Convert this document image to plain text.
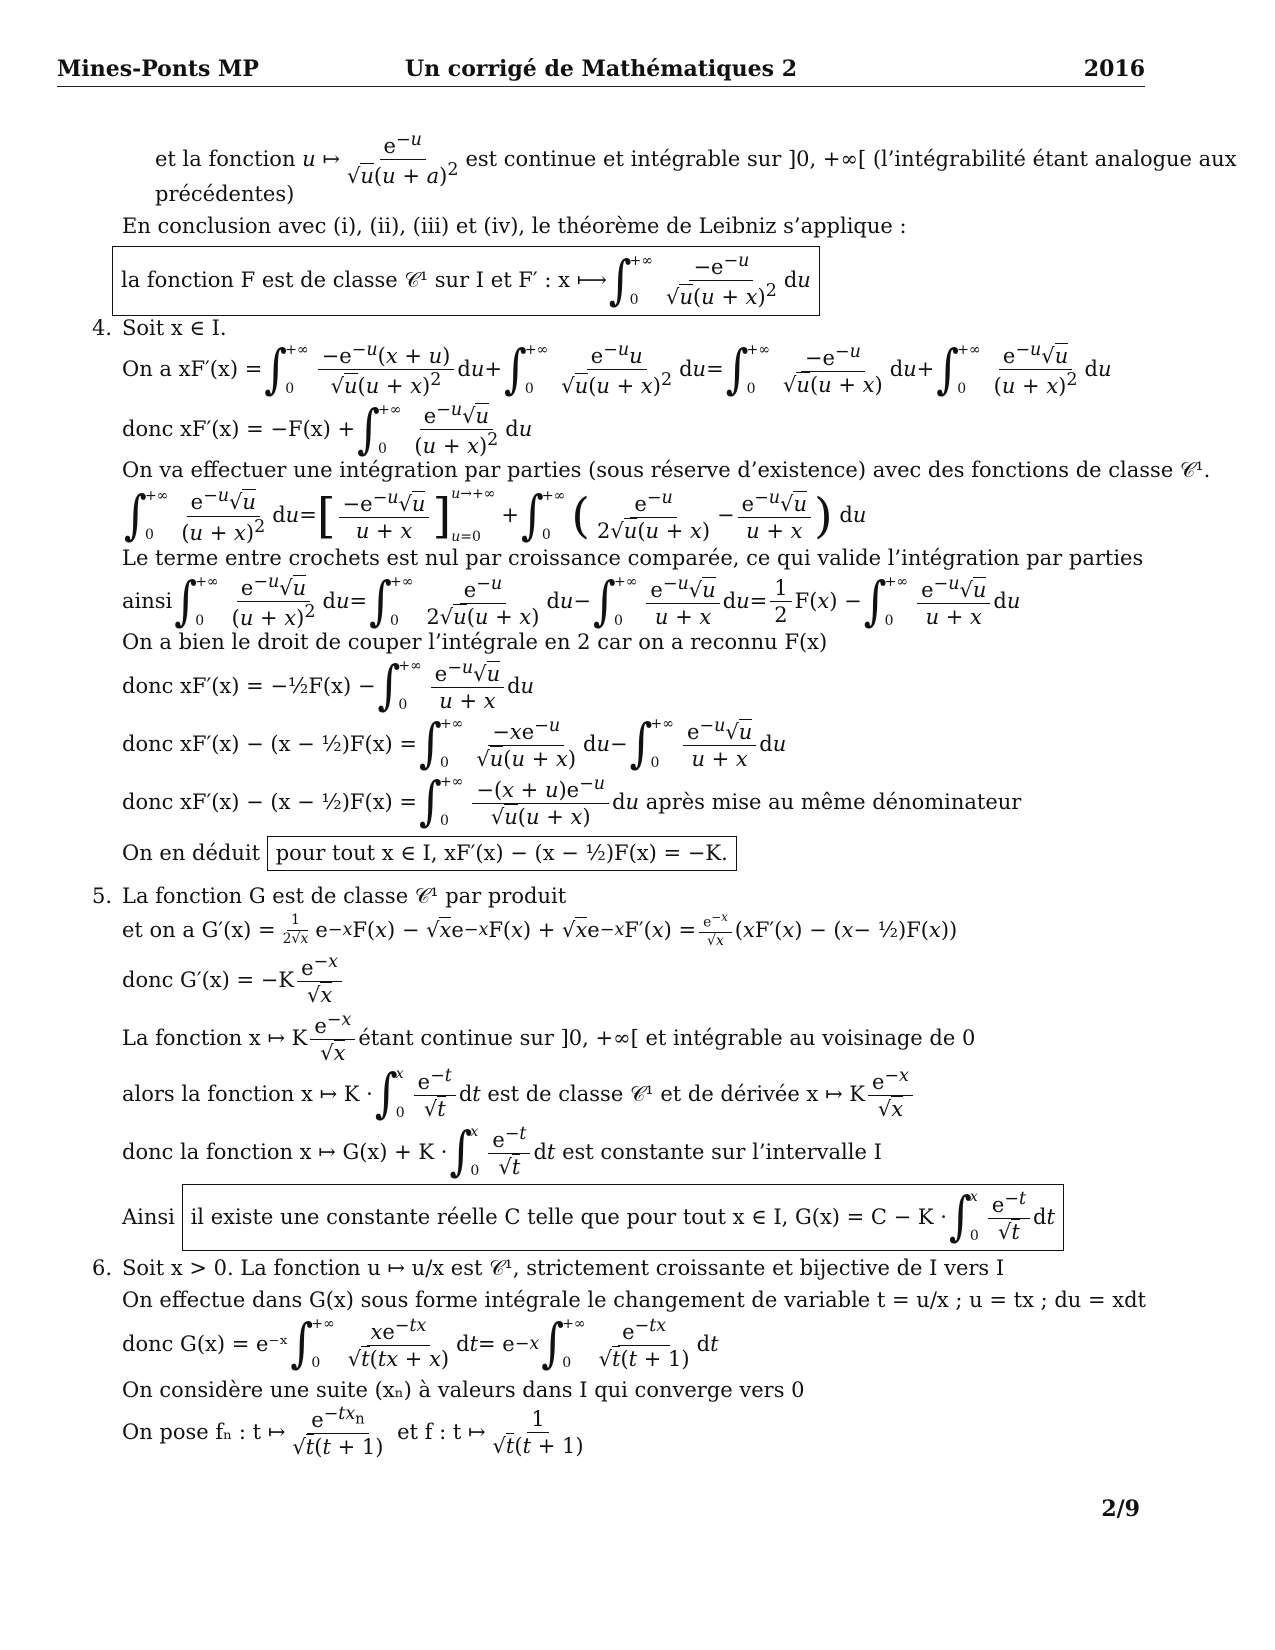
Mines-Ponts MP	Un corrigé de Mathématiques 2	2016
et la fonction
u ↦
$e^{-u}$
$√u(u + a)^2$ est continue et intégrable sur ]0, +∞[ (l’intégrabilité étant analogue aux
précédentes)
En conclusion avec (i), (ii), (iii) et (iv), le théorème de Leibniz s’applique :
la fonction F est de classe 𝒞¹ sur I et F′ : x ⟼ ∫
+∞
0
$-e^{-u}$
$√u(u + x)^2$ d u
4. Soit x ∈ I.
On a xF′(x) = ∫
+∞
0
$-e^{-u}(x + u)$
$√u(u + x)^2$ d u + ∫
+∞
0
$e^{-u}u$
$√u(u + x)^2$ d u = ∫
+∞
0
$-e^{-u}$
√u(u + x)
d u + ∫
+∞
0
$e^{-u}√u$
$(u + x)^2$ d u
donc xF′(x) = −F(x) + ∫
+∞
0
$e^{-u}√u$
$(u + x)^2$ d u
On va effectuer une intégration par parties (sous réserve d’existence) avec des fonctions de classe 𝒞¹.
∫
+∞
0
$e^{-u}√u$
$(u + x)^2$ d u = [ $-e^{-u}√u$
u + x ] u→+∞
u=0
+ ∫
+∞
0 ( $e^{-u}$
2√u(u + x)
− $e^{-u}√u$
u + x ) d u
Le terme entre crochets est nul par croissance comparée, ce qui valide l’intégration par parties
ainsi ∫
+∞
0
$e^{-u}√u$
$(u + x)^2$ d u = ∫
+∞
0
$e^{-u}$
2√u(u + x)
d u − ∫
+∞
0
$e^{-u}√u$
u + x
d u =
1
2
F( x ) − ∫
+∞
0
$e^{-u}√u$
u + x
d u
On a bien le droit de couper l’intégrale en 2 car on a reconnu F(x)
donc xF′(x) = −½F(x) − ∫
+∞
0
$e^{-u}√u$
u + x
d u
donc xF′(x) − (x − ½)F(x) = ∫
+∞
0
$-xe^{-u}$
√u(u + x)
d u − ∫
+∞
0
$e^{-u}√u$
u + x
d u
donc xF′(x) − (x − ½)F(x) = ∫
+∞
0
$-(x + u)e^{-u}$
√u(u + x)
d u
après mise au même dénominateur
On en déduit
pour tout x ∈ I, xF′(x) − (x − ½)F(x) = −K.
5. La fonction G est de classe 𝒞¹ par produit
et on a $G'(x) = \frac{1}{2√x}$ e −x F( x ) − √ x e −x F( x ) + √ x e −x F′( x ) = $e^{-x}$
√x ( x F′( x ) − ( x − ½)F( x ))
donc G′(x) = −K $e^{-x}$
√x
La fonction x ↦ K $e^{-x}$
√x
étant continue sur ]0, +∞[ et intégrable au voisinage de 0
alors la fonction x ↦ K · ∫
x
0
$e^{-t}$
√t
d t
est de classe 𝒞¹ et de dérivée x ↦ K $e^{-x}$
√x
donc la fonction x ↦ G(x) + K · ∫
x
0
$e^{-t}$
√t
d t
est constante sur l’intervalle I
Ainsi
il existe une constante réelle C telle que pour tout x ∈ I, G(x) = C − K · ∫
x
0
$e^{-t}$
√t
d t
6. Soit x > 0. La fonction u ↦ u/x est 𝒞¹, strictement croissante et bijective de I vers I
On effectue dans G(x) sous forme intégrale le changement de variable t = u/x ; u = tx ; du = xdt
donc G(x) = e⁻ˣ ∫
+∞
0
$xe^{-tx}$
√t(tx + x)
d t = e −x ∫
+∞
0
$e^{-tx}$
√t(t + 1)
d t
On considère une suite (xₙ) à valeurs dans I qui converge vers 0
On pose fₙ : t ↦ $e^{-tx_n}$
√t(t + 1)

et f : t ↦
1
√t(t + 1)
2/9
